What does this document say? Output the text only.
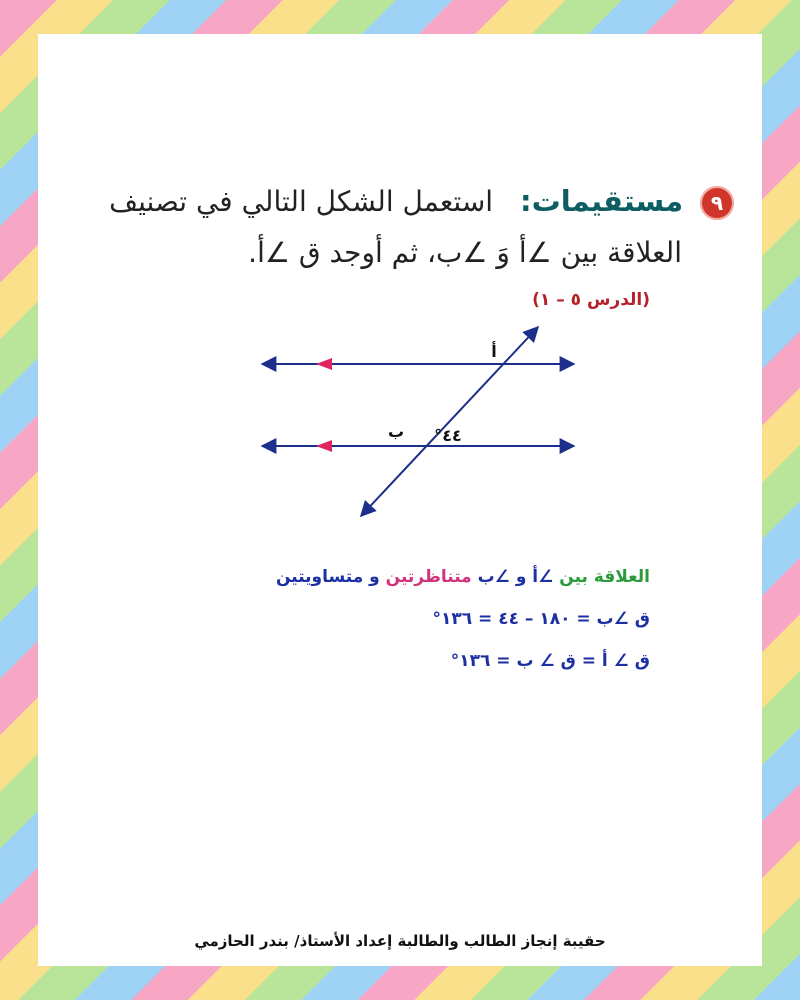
٩ مستقيمات: استعمل الشكل التالي في تصنيف
العلاقة بين ∠أ وَ ∠ب، ثم أوجد ق ∠أ.
(الدرس ٥ – ١)
أ
ب ٤٤°
العلاقة بين ∠أ و ∠ب متناظرتين و متساويتين
ق ∠ب = ١٨٠ – ٤٤ = ١٣٦°
ق ∠ أ = ق ∠ ب = ١٣٦°
حقيبة إنجاز الطالب والطالبة إعداد الأستاذ/ بندر الحازمي
